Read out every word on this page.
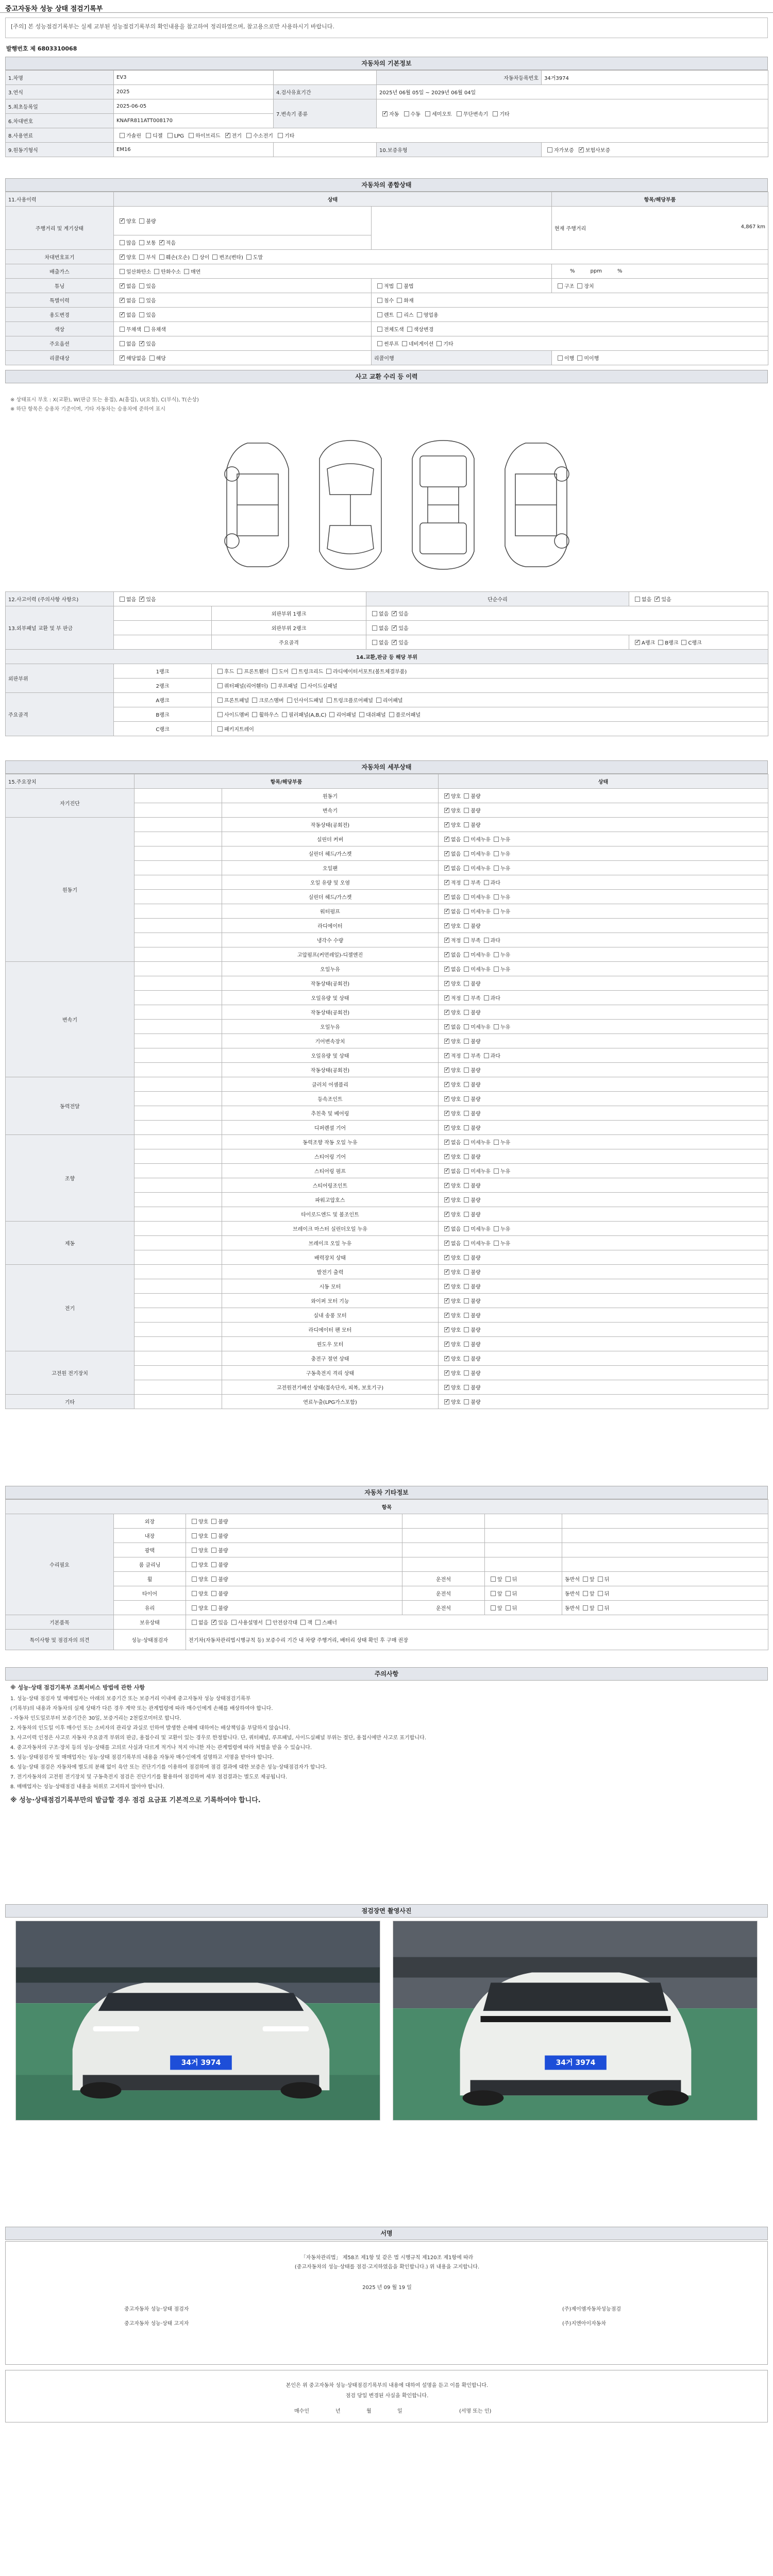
중고자동차 성능 상태 점검기록부
[주의] 본 성능점검기록부는 실제 교부된 성능점검기록부의 확인내용을 참고하여 정리하였으며, 참고용으로만 사용하시기 바랍니다.
발행번호 제 6803310068
자동차의 기본정보
1.차명	EV3		자동차등록번호	34거3974
3.연식	2025	4.검사유효기간	2025년 06월 05일 ~ 2029년 06월 04일	
5.최초등록일	2025-06-05	7.변속기 종류	✓자동 수동 세미오토 무단변속기 기타
6.차대번호	KNAFR811ATT008170			
8.사용연료	가솔린 디젤 LPG 하이브리드 ✓ 전기 수소전기 기타
9.원동기형식	EM16		10.보증유형	자가보증 ✓ 보험사보증
자동차의 종합상태
11.사용이력	상태		항목/해당부품
주행거리 및 계기상태	✓양호 불량		현재 주행거리 4,867 km

	많음 보통 ✓ 적음
차대번호표기	✓양호 부식 훼손(오손) 상이 변조(변타) 도말
배출가스	일산화탄소 탄화수소 매연		% ppm %
튜닝	✓없음 있음	적법 불법	구조 장치
특별이력	✓없음 있음	침수 화재	
용도변경	✓없음 있음	렌트 리스 영업용	
색상	무채색 유채색	전체도색 색상변경	
주요옵션	없음 ✓ 있음	썬루프 네비게이션 기타	
리콜대상	✓해당없음 해당	리콜이행	이행 미이행
사고 교환 수리 등 이력
※ 상태표시 부호 : X(교환), W(판금 또는 용접), A(흠집), U(요철), C(부식), T(손상)
※ 하단 항목은 승용차 기준이며, 기타 자동차는 승용차에 준하여 표시
12.사고이력 (주의사항 사항으)	없음 ✓ 있음		단순수리	없음 ✓ 있음
13.외부패널 교환 및 부 판금		외판부위 1랭크	없음 ✓ 있음
		외판부위 2랭크	없음 ✓ 있음
		주요골격	없음 ✓ 있음	✓A랭크 B랭크 C랭크
14.교환,판금 등 해당 부위				
외판부위	1랭크	후드 프론트휀더 도어 트렁크리드 라디에이터서포트(볼트체결부품)		
	2랭크	쿼터패널(리어휀더) 루프패널 사이드실패널		
주요골격	A랭크	프론트패널 크로스멤버 인사이드패널 트렁크플로어패널 리어패널		
	B랭크	사이드멤버 휠하우스 필러패널(A,B,C) 리어패널 대쉬패널 플로어패널		
	C랭크	패키지트레이		
자동차의 세부상태
15.주요장치	항목/해당부품		상태
자기진단		원동기	✓양호 불량
		변속기	✓양호 불량
원동기		작동상태(공회전)	✓양호 불량
		실린더 커버	✓없음 미세누유 누유
		실린더 헤드/가스켓	✓없음 미세누유 누유
		오일팬	✓없음 미세누유 누유
		오일 유량 및 오염	✓적정 부족 과다
		실린더 헤드/가스켓	✓없음 미세누유 누유
		워터펌프	✓없음 미세누유 누유
		라디에이터	✓양호 불량
		냉각수 수량	✓적정 부족 과다
		고압펌프(커먼레일)-디젤엔진	✓없음 미세누유 누유
변속기		오일누유	✓없음 미세누유 누유
		작동상태(공회전)	✓양호 불량
		오일유량 및 상태	✓적정 부족 과다
		작동상태(공회전)	✓양호 불량
		오일누유	✓없음 미세누유 누유
		기어변속장치	✓양호 불량
		오일유량 및 상태	✓적정 부족 과다
		작동상태(공회전)	✓양호 불량
동력전달		클러치 어셈블리	✓양호 불량
		등속조인트	✓양호 불량
		추친축 및 베어링	✓양호 불량
		디퍼렌셜 기어	✓양호 불량
조향		동력조향 작동 오일 누유	✓없음 미세누유 누유
		스티어링 기어	✓양호 불량
		스티어링 펌프	✓없음 미세누유 누유
		스티어링조인트	✓양호 불량
		파워고압호스	✓양호 불량
		타이로드엔드 및 볼조인트	✓양호 불량
제동		브레이크 마스터 실린더오일 누유	✓없음 미세누유 누유
		브레이크 오일 누유	✓없음 미세누유 누유
		배력장치 상태	✓양호 불량
전기		발전기 출력	✓양호 불량
		시동 모터	✓양호 불량
		와이퍼 모터 기능	✓양호 불량
		실내 송풍 모터	✓양호 불량
		라디에이터 팬 모터	✓양호 불량
		윈도우 모터	✓양호 불량
고전원 전기장치		충전구 절연 상태	✓양호 불량
		구동축전지 격리 상태	✓양호 불량
		고전원전기배선 상태(접속단자, 피복, 보호기구)	✓양호 불량
기타		연료누출(LPG가스포함)	✓양호 불량
자동차 기타정보
항목					
수리필요	외장	양호 불량			
	내장	양호 불량			
	광택	양호 불량			
	룸 클리닝	양호 불량			
	휠	양호 불량	운전석	앞 뒤	동반석 앞 뒤
	타이어	양호 불량	운전석	앞 뒤	동반석 앞 뒤
	유리	양호 불량	운전석	앞 뒤	동반석 앞 뒤
기본품목	보유상태	없음 ✓ 있음 사용설명서 안전삼각대 잭 스패너
특이사항 및 점검자의 의견	성능·상태점검자	전기차(자동차관리법시행규칙 등) 보증수리 기간 내 차량 주행거리, 배터리 상태 확인 후 구매 권장			
주의사항

※ 성능·상태 점검기록부 조회서비스 방법에 관한 사항

1. 성능·상태 점검자 및 매매업자는 아래의 보증기간 또는 보증거리 이내에 중고자동차 성능 상태점검기록부

(기록부)의 내용과 자동차의 실제 상태가 다른 경우 계약 또는 관계법령에 따라 매수인에게 손해를 배상하여야 합니다.

- 자동차 인도일로부터 보증기간은 30일, 보증거리는 2천킬로미터로 합니다.

2. 자동차의 인도일 이후 매수인 또는 소비자의 관리상 과실로 인하여 발생한 손해에 대하여는 배상책임을 부담하지 않습니다.

3. 사고이력 인정은 사고로 자동차 주요골격 부위의 판금, 용접수리 및 교환이 있는 경우로 한정합니다. 단, 쿼터패널, 루프패널, 사이드실패널 부위는 절단, 용접시에만 사고로 표기합니다.

4. 중고자동차의 구조·장치 등의 성능·상태를 고의로 사실과 다르게 적거나 적지 아니한 자는 관계법령에 따라 처벌을 받을 수 있습니다.

5. 성능·상태점검자 및 매매업자는 성능·상태 점검기록부의 내용을 자동차 매수인에게 설명하고 서명을 받아야 합니다.

6. 성능·상태 점검은 자동차에 별도의 분해 없이 육안 또는 진단기기를 이용하여 점검하며 점검 결과에 대한 보증은 성능·상태점검자가 합니다.

7. 전기자동차의 고전원 전기장치 및 구동축전지 점검은 진단기기를 활용하여 점검하며 세부 점검결과는 별도로 제공됩니다.

8. 매매업자는 성능·상태점검 내용을 허위로 고지하지 않아야 합니다.

※ 성능·상태점검기록부만의 발급할 경우 점검 요금표 기본적으로 기록하여야 합니다.

점검장면 촬영사진
34거 3974	34거 3974
서명
「자동차관리법」 제58조 제1항 및 같은 법 시행규칙 제120조 제1항에 따라
(중고자동차의 성능·상태를 점검·고지하였음을 확인합니다.) 위 내용을 고지합니다.
2025 년 09 월 19 일
중고자동차 성능·상태 점검자
중고자동차 성능·상태 고지자
(주)제이엠자동차성능점검
(주)지엔아이자동차
본인은 위 중고자동차 성능·상태점검기록부의 내용에 대하여 설명을 듣고 이를 확인합니다.
점검 당일 변경된 사실을 확인합니다.
매수인	년	월	일	(서명 또는 인)
